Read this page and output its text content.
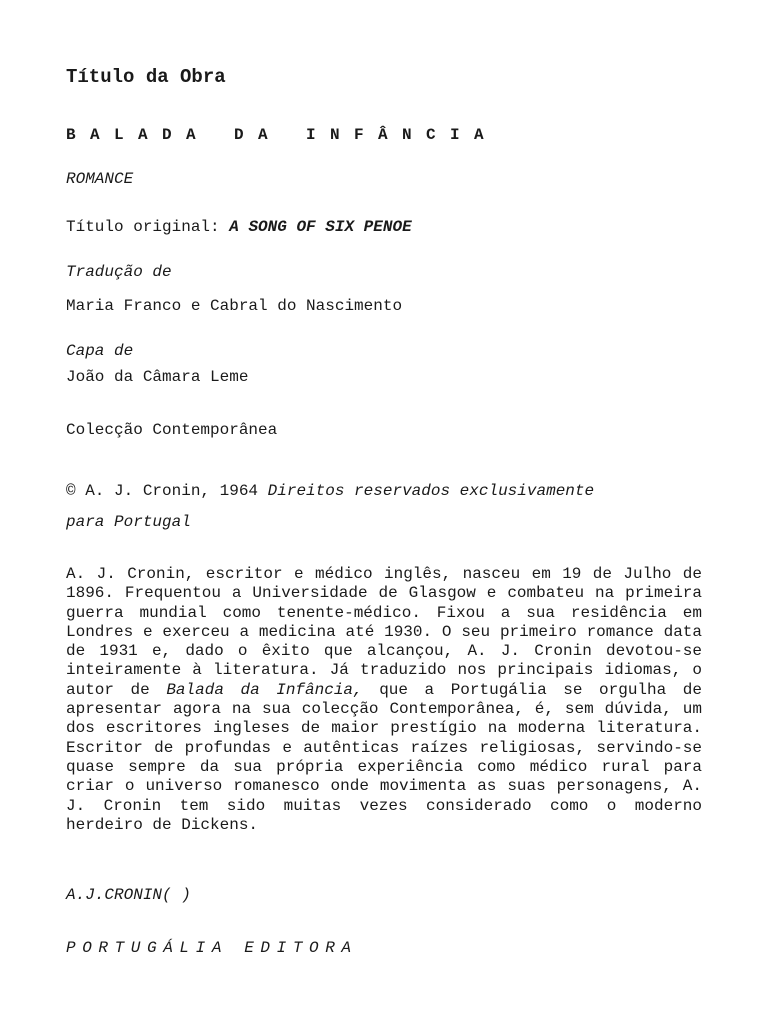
Título da Obra
BALADA DA INFÂNCIA
ROMANCE
Título original: A SONG OF SIX PENOE
Tradução de
Maria Franco e Cabral do Nascimento
Capa de
João da Câmara Leme
Colecção Contemporânea
© A. J. Cronin, 1964 Direitos reservados exclusivamente
para Portugal

A. J. Cronin, escritor e médico inglês, nasceu em 19 de Julho de 1896. Frequentou a Universidade de Glasgow e combateu na primeira guerra mundial como tenente-médico. Fixou a sua residência em Londres e exerceu a medicina até 1930. O seu primeiro romance data de 1931 e, dado o êxito que alcançou, A. J. Cronin devotou-se inteiramente à literatura. Já traduzido nos principais idiomas, o autor de Balada da Infância, que a Portugália se orgulha de apresentar agora na sua colecção Contemporânea, é, sem dúvida, um dos escritores ingleses de maior prestígio na moderna literatura. Escritor de profundas e autênticas raízes religiosas, servindo-se quase sempre da sua própria experiência como médico rural para criar o universo romanesco onde movimenta as suas personagens, A. J. Cronin tem sido muitas vezes considerado como o moderno herdeiro de Dickens.

A.J.CRONIN( )
PORTUGÁLIA EDITORA
